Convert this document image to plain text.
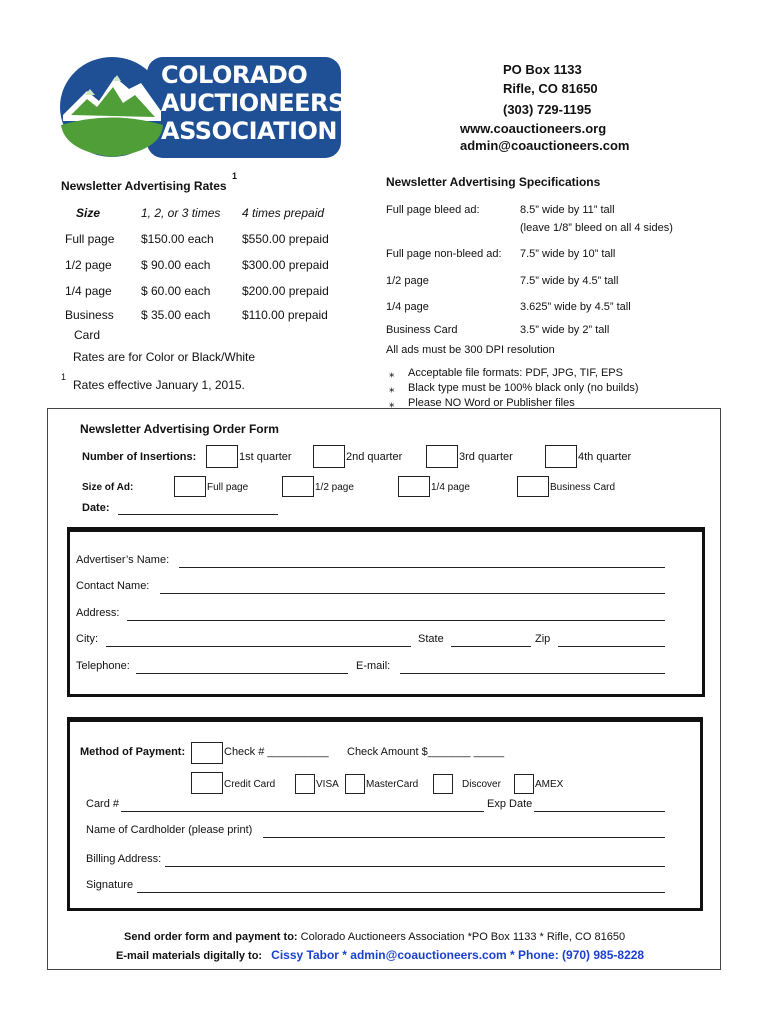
COLORADO
AUCTIONEERS
ASSOCIATION
PO Box 1133
Rifle, CO 81650
(303) 729-1195
www.coauctioneers.org
admin@coauctioneers.com
Newsletter Advertising Rates
1
Size	1, 2, or 3 times 4 times prepaid
Full page $150.00 each $550.00 prepaid
1/2 page $ 90.00 each	$300.00 prepaid
1/4 page $ 60.00 each	$200.00 prepaid
Business
Card
$ 35.00 each	$110.00 prepaid
Rates are for Color or Black/White
1
Rates effective January 1, 2015.
Newsletter Advertising Specifications
Full page bleed ad:	8.5” wide by 11” tall
(leave 1/8” bleed on all 4 sides)
Full page non-bleed ad: 7.5” wide by 10” tall
1/2 page	7.5” wide by 4.5” tall
1/4 page	3.625” wide by 4.5” tall
Business Card	3.5” wide by 2” tall
All ads must be 300 DPI resolution
⁎ Acceptable file formats: PDF, JPG, TIF, EPS
⁎ Black type must be 100% black only (no builds)
⁎ Please NO Word or Publisher files
Newsletter Advertising Order Form
Number of Insertions:	1st quarter	2nd quarter	3rd quarter	4th quarter
Size of Ad:	Full page	1/2 page	1/4 page	Business Card
Date:
Advertiser’s Name:
Contact Name:
Address:
City:	State	Zip
Telephone:	E-mail:
Method of Payment:	Check # __________ Check Amount $_______ _____
Credit Card	VISA	MasterCard	Discover	AMEX
Card #	Exp Date
Name of Cardholder (please print)
Billing Address:
Signature
Send order form and payment to: Colorado Auctioneers Association *PO Box 1133 * Rifle, CO 81650
E-mail materials digitally to: Cissy Tabor * admin@coauctioneers.com * Phone: (970) 985-8228
